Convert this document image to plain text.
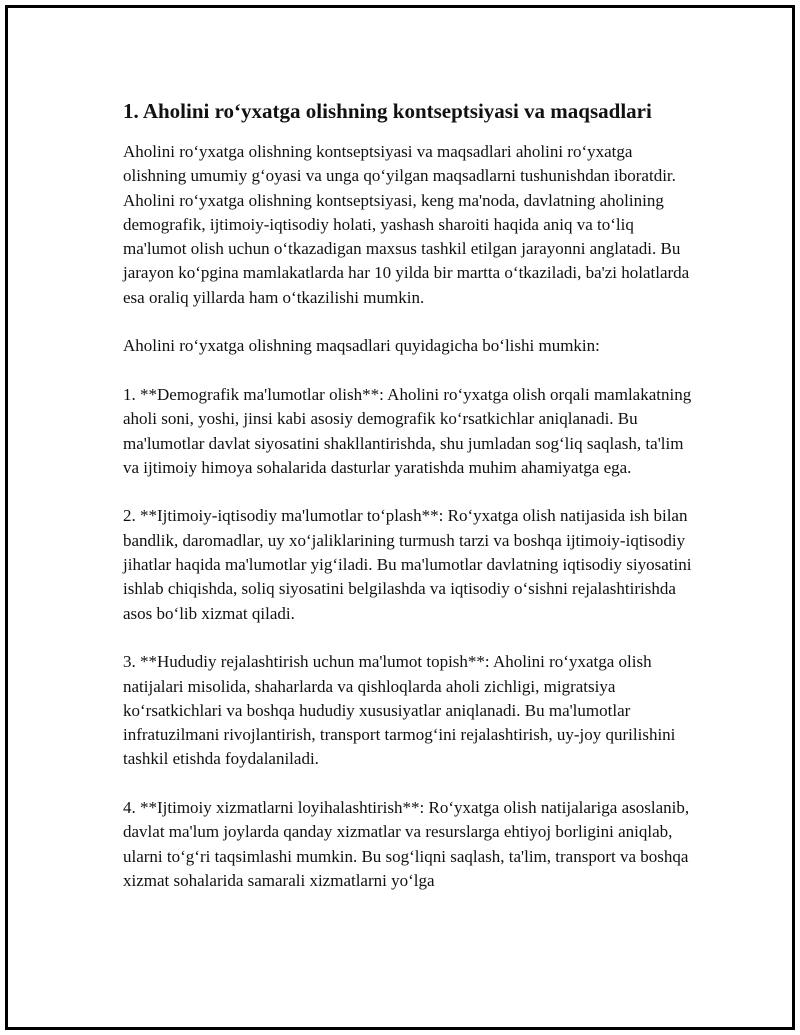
1. Aholini ro‘yxatga olishning kontseptsiyasi va maqsadlari

Aholini ro‘yxatga olishning kontseptsiyasi va maqsadlari aholini ro‘yxatga olishning umumiy g‘oyasi va unga qo‘yilgan maqsadlarni tushunishdan iboratdir. Aholini ro‘yxatga olishning kontseptsiyasi, keng ma'noda, davlatning aholining demografik, ijtimoiy-iqtisodiy holati, yashash sharoiti haqida aniq va to‘liq ma'lumot olish uchun o‘tkazadigan maxsus tashkil etilgan jarayonni anglatadi. Bu jarayon ko‘pgina mamlakatlarda har 10 yilda bir martta o‘tkaziladi, ba'zi holatlarda esa oraliq yillarda ham o‘tkazilishi mumkin.

Aholini ro‘yxatga olishning maqsadlari quyidagicha bo‘lishi mumkin:

1. **Demografik ma'lumotlar olish**: Aholini ro‘yxatga olish orqali mamlakatning aholi soni, yoshi, jinsi kabi asosiy demografik ko‘rsatkichlar aniqlanadi. Bu ma'lumotlar davlat siyosatini shakllantirishda, shu jumladan sog‘liq saqlash, ta'lim va ijtimoiy himoya sohalarida dasturlar yaratishda muhim ahamiyatga ega.

2. **Ijtimoiy-iqtisodiy ma'lumotlar to‘plash**: Ro‘yxatga olish natijasida ish bilan bandlik, daromadlar, uy xo‘jaliklarining turmush tarzi va boshqa ijtimoiy-iqtisodiy jihatlar haqida ma'lumotlar yig‘iladi. Bu ma'lumotlar davlatning iqtisodiy siyosatini ishlab chiqishda, soliq siyosatini belgilashda va iqtisodiy o‘sishni rejalashtirishda asos bo‘lib xizmat qiladi.

3. **Hududiy rejalashtirish uchun ma'lumot topish**: Aholini ro‘yxatga olish natijalari misolida, shaharlarda va qishloqlarda aholi zichligi, migratsiya ko‘rsatkichlari va boshqa hududiy xususiyatlar aniqlanadi. Bu ma'lumotlar infratuzilmani rivojlantirish, transport tarmog‘ini rejalashtirish, uy-joy qurilishini tashkil etishda foydalaniladi.

4. **Ijtimoiy xizmatlarni loyihalashtirish**: Ro‘yxatga olish natijalariga asoslanib, davlat ma'lum joylarda qanday xizmatlar va resurslarga ehtiyoj borligini aniqlab, ularni to‘g‘ri taqsimlashi mumkin. Bu sog‘liqni saqlash, ta'lim, transport va boshqa xizmat sohalarida samarali xizmatlarni yo‘lga
